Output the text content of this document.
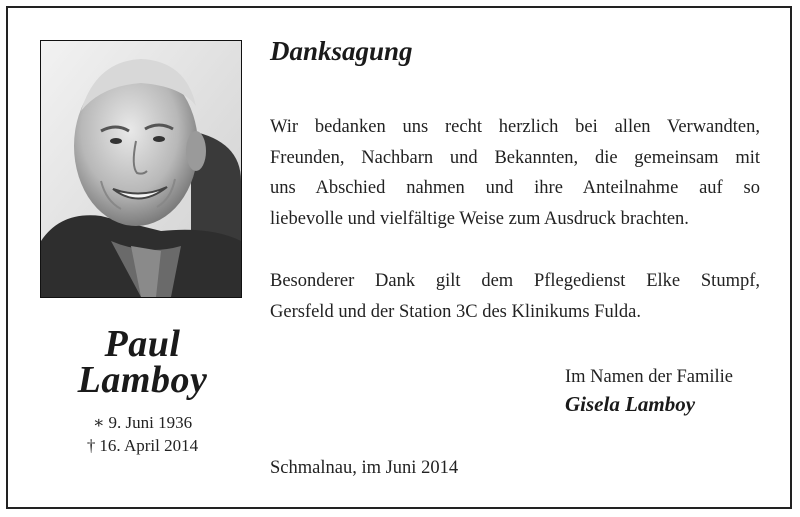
Paul
Lamboy
∗ 9. Juni 1936
† 16. April 2014
Danksagung
Wir bedanken uns recht herzlich bei allen Verwandten,
Freunden, Nachbarn und Bekannten, die gemeinsam mit
uns Abschied nahmen und ihre Anteilnahme auf so
liebevolle und vielfältige Weise zum Ausdruck brachten.
Besonderer Dank gilt dem Pflegedienst Elke Stumpf,
Gersfeld und der Station 3C des Klinikums Fulda.
Im Namen der Familie
Gisela Lamboy
Schmalnau, im Juni 2014
